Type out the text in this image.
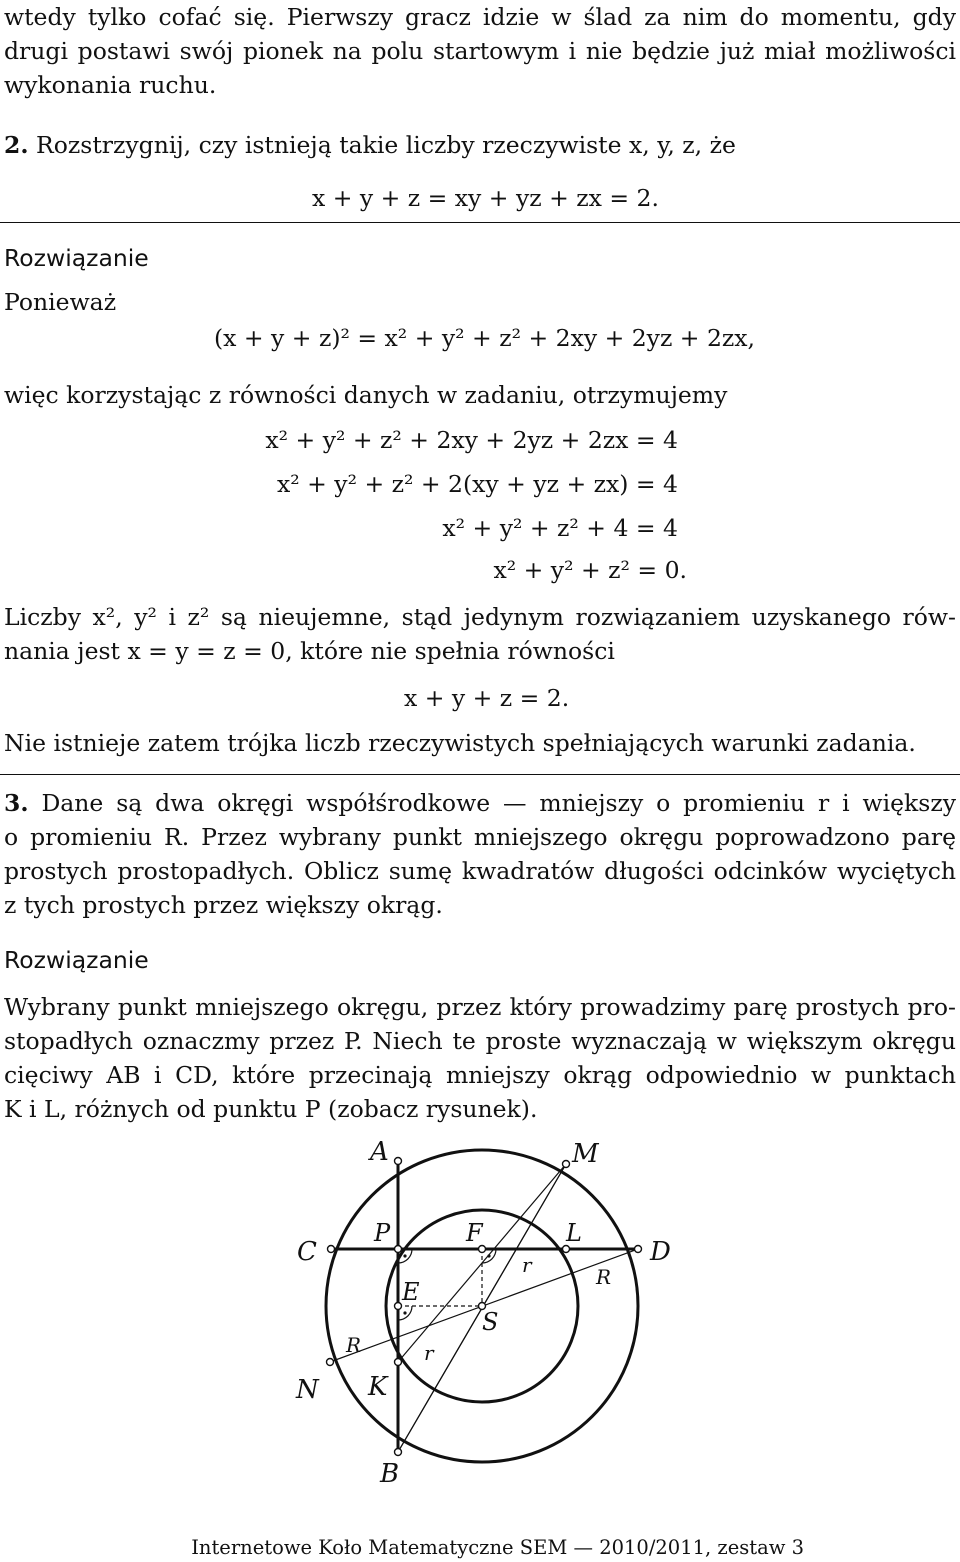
wtedy tylko cofać się. Pierwszy gracz idzie w ślad za nim do momentu, gdy
drugi postawi swój pionek na polu startowym i nie będzie już miał możliwości
wykonania ruchu.
2. Rozstrzygnij, czy istnieją takie liczby rzeczywiste x, y, z, że
x + y + z = xy + yz + zx = 2.
Rozwiązanie
Ponieważ
(x + y + z)² = x² + y² + z² + 2xy + 2yz + 2zx,
więc korzystając z równości danych w zadaniu, otrzymujemy
x² + y² + z² + 2xy + 2yz + 2zx = 4
x² + y² + z² + 2(xy + yz + zx) = 4
x² + y² + z² + 4 = 4
x² + y² + z² = 0.
Liczby x², y² i z² są nieujemne, stąd jedynym rozwiązaniem uzyskanego rów-
nania jest x = y = z = 0, które nie spełnia równości
x + y + z = 2.
Nie istnieje zatem trójka liczb rzeczywistych spełniających warunki zadania.
3. Dane są dwa okręgi współśrodkowe — mniejszy o promieniu r i większy
o promieniu R. Przez wybrany punkt mniejszego okręgu poprowadzono parę
prostych prostopadłych. Oblicz sumę kwadratów długości odcinków wyciętych
z tych prostych przez większy okrąg.
Rozwiązanie
Wybrany punkt mniejszego okręgu, przez który prowadzimy parę prostych pro-
stopadłych oznaczmy przez P. Niech te proste wyznaczają w większym okręgu
cięciwy AB i CD, które przecinają mniejszy okrąg odpowiednio w punktach
K i L, różnych od punktu P (zobacz rysunek).
A	M
C	D
P	F	L
E
S
R
R
r
r
N K
B
Internetowe Koło Matematyczne SEM — 2010/2011, zestaw 3
